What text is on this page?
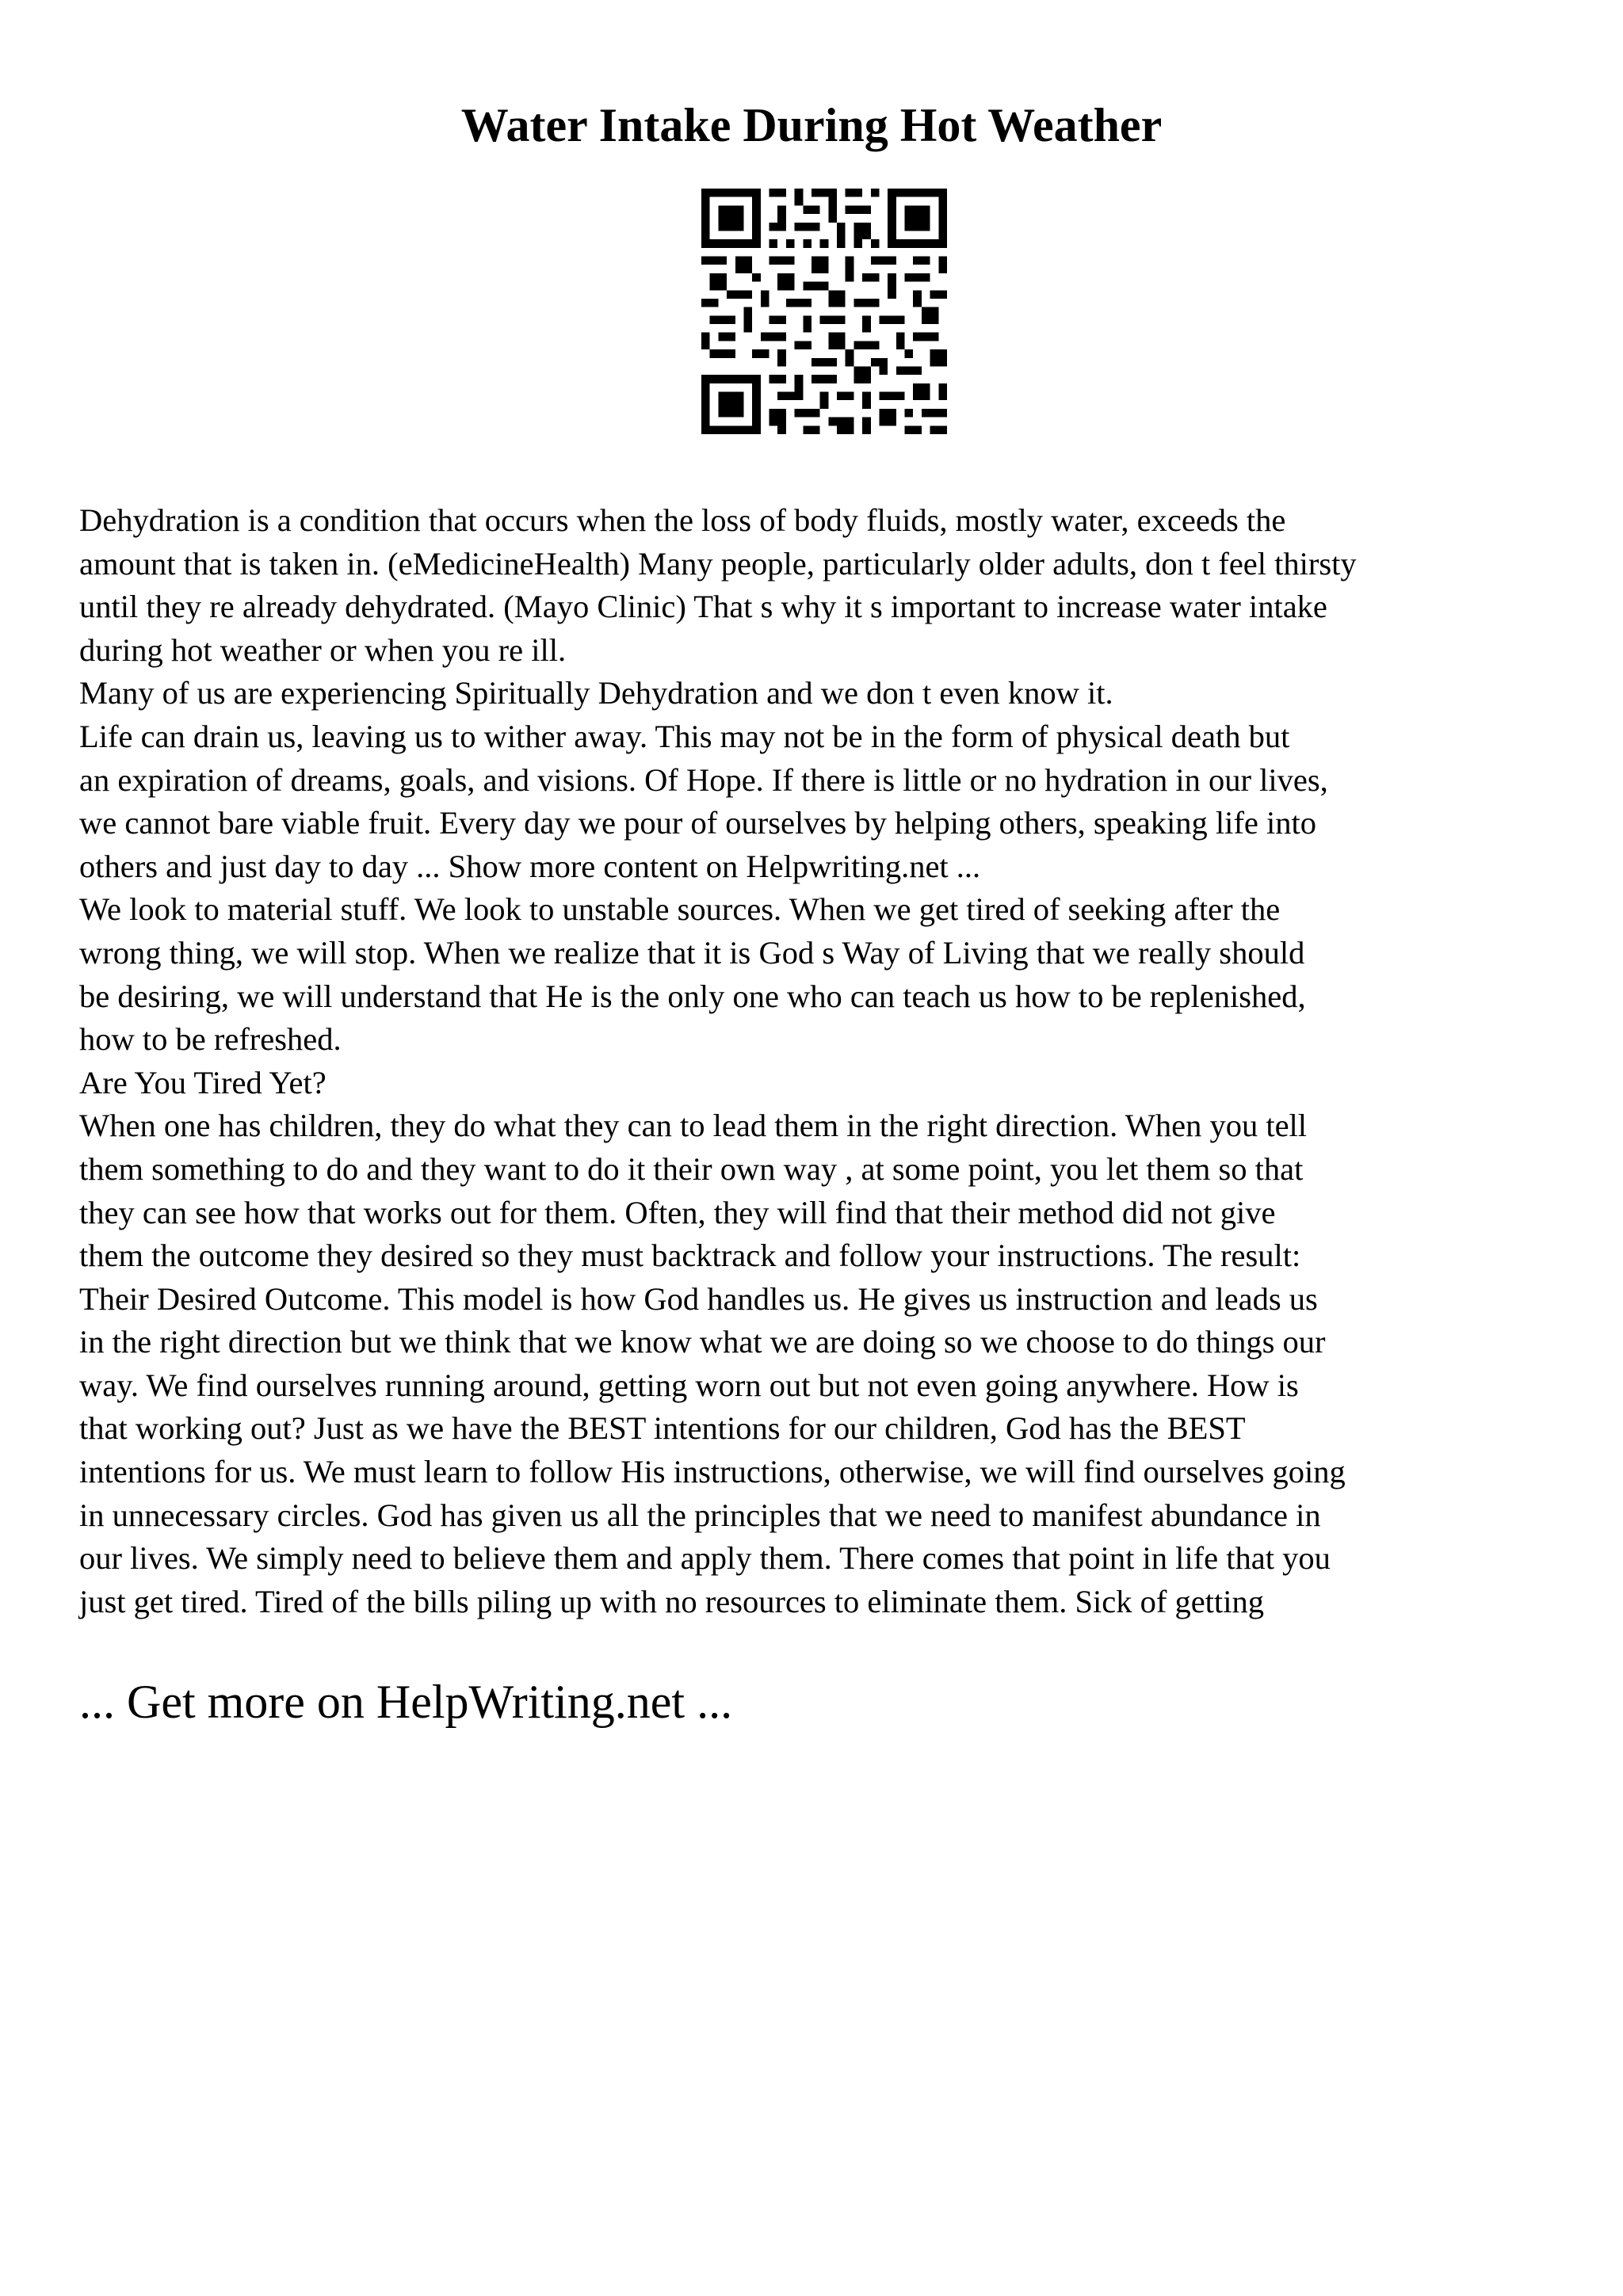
Water Intake During Hot Weather
Dehydration is a condition that occurs when the loss of body fluids, mostly water, exceeds the
amount that is taken in. (eMedicineHealth) Many people, particularly older adults, don t feel thirsty
until they re already dehydrated. (Mayo Clinic) That s why it s important to increase water intake
during hot weather or when you re ill.
Many of us are experiencing Spiritually Dehydration and we don t even know it.
Life can drain us, leaving us to wither away. This may not be in the form of physical death but
an expiration of dreams, goals, and visions. Of Hope. If there is little or no hydration in our lives,
we cannot bare viable fruit. Every day we pour of ourselves by helping others, speaking life into
others and just day to day ... Show more content on Helpwriting.net ...
We look to material stuff. We look to unstable sources. When we get tired of seeking after the
wrong thing, we will stop. When we realize that it is God s Way of Living that we really should
be desiring, we will understand that He is the only one who can teach us how to be replenished,
how to be refreshed.
Are You Tired Yet?
When one has children, they do what they can to lead them in the right direction. When you tell
them something to do and they want to do it their own way , at some point, you let them so that
they can see how that works out for them. Often, they will find that their method did not give
them the outcome they desired so they must backtrack and follow your instructions. The result:
Their Desired Outcome. This model is how God handles us. He gives us instruction and leads us
in the right direction but we think that we know what we are doing so we choose to do things our
way. We find ourselves running around, getting worn out but not even going anywhere. How is
that working out? Just as we have the BEST intentions for our children, God has the BEST
intentions for us. We must learn to follow His instructions, otherwise, we will find ourselves going
in unnecessary circles. God has given us all the principles that we need to manifest abundance in
our lives. We simply need to believe them and apply them. There comes that point in life that you
just get tired. Tired of the bills piling up with no resources to eliminate them. Sick of getting

... Get more on HelpWriting.net ...
